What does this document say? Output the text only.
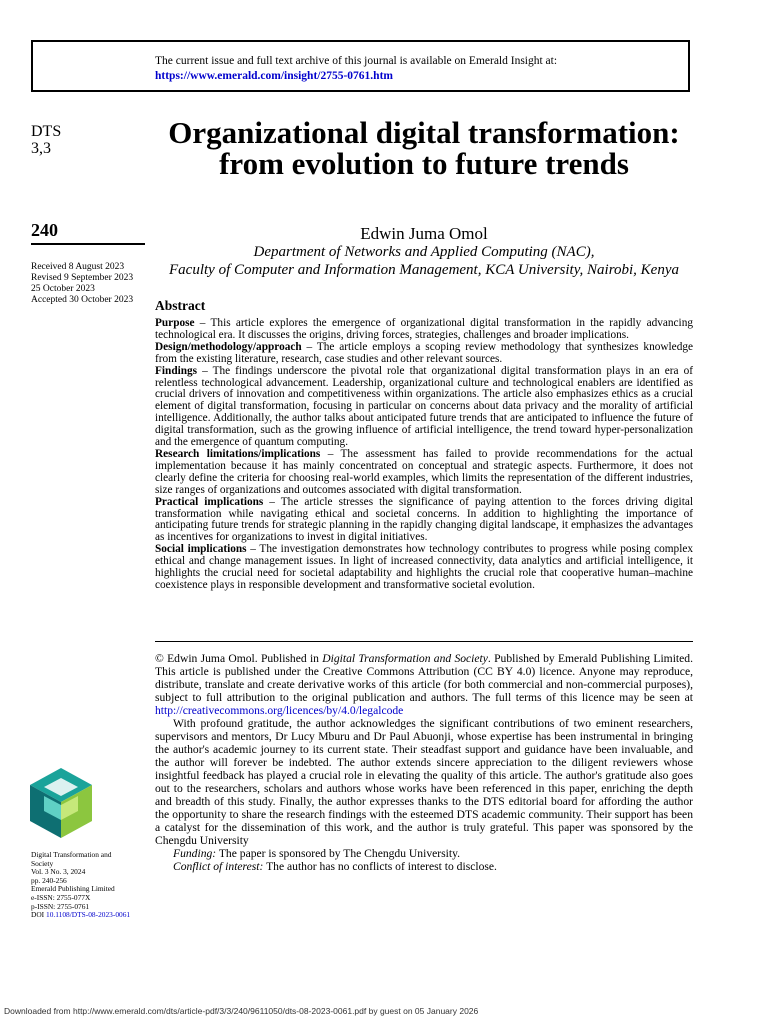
The current issue and full text archive of this journal is available on Emerald Insight at:
https://www.emerald.com/insight/2755-0761.htm
DTS
3,3
240
Received 8 August 2023
Revised 9 September 2023
25 October 2023
Accepted 30 October 2023
Organizational digital transformation: from evolution to future trends
Edwin Juma Omol
Department of Networks and Applied Computing (NAC),
Faculty of Computer and Information Management, KCA University, Nairobi, Kenya
Abstract

Purpose – This article explores the emergence of organizational digital transformation in the rapidly advancing technological era. It discusses the origins, driving forces, strategies, challenges and broader implications.

Design/methodology/approach – The article employs a scoping review methodology that synthesizes knowledge from the existing literature, research, case studies and other relevant sources.

Findings – The findings underscore the pivotal role that organizational digital transformation plays in an era of relentless technological advancement. Leadership, organizational culture and technological enablers are identified as crucial drivers of innovation and competitiveness within organizations. The article also emphasizes ethics as a crucial element of digital transformation, focusing in particular on concerns about data privacy and the morality of artificial intelligence. Additionally, the author talks about anticipated future trends that are anticipated to influence the future of digital transformation, such as the growing influence of artificial intelligence, the trend toward hyper-personalization and the emergence of quantum computing.

Research limitations/implications – The assessment has failed to provide recommendations for the actual implementation because it has mainly concentrated on conceptual and strategic aspects. Furthermore, it does not clearly define the criteria for choosing real-world examples, which limits the representation of the different industries, size ranges of organizations and outcomes associated with digital transformation.

Practical implications – The article stresses the significance of paying attention to the forces driving digital transformation while navigating ethical and societal concerns. In addition to highlighting the importance of anticipating future trends for strategic planning in the rapidly changing digital landscape, it emphasizes the advantages as incentives for organizations to invest in digital initiatives.

Social implications – The investigation demonstrates how technology contributes to progress while posing complex ethical and change management issues. In light of increased connectivity, data analytics and artificial intelligence, it highlights the crucial need for societal adaptability and highlights the crucial role that cooperative human–machine coexistence plays in responsible development and transformative societal evolution.

© Edwin Juma Omol. Published in Digital Transformation and Society. Published by Emerald Publishing Limited. This article is published under the Creative Commons Attribution (CC BY 4.0) licence. Anyone may reproduce, distribute, translate and create derivative works of this article (for both commercial and non-commercial purposes), subject to full attribution to the original publication and authors. The full terms of this licence may be seen at http://creativecommons.org/licences/by/4.0/legalcode

With profound gratitude, the author acknowledges the significant contributions of two eminent researchers, supervisors and mentors, Dr Lucy Mburu and Dr Paul Abuonji, whose expertise has been instrumental in bringing the author's academic journey to its current state. Their steadfast support and guidance have been invaluable, and the author will forever be indebted. The author extends sincere appreciation to the diligent reviewers whose insightful feedback has played a crucial role in elevating the quality of this article. The author's gratitude also goes out to the researchers, scholars and authors whose works have been referenced in this paper, enriching the depth and breadth of this study. Finally, the author expresses thanks to the DTS editorial board for affording the author the opportunity to share the research findings with the esteemed DTS academic community. Their support has been a catalyst for the dissemination of this work, and the author is truly grateful. This paper was sponsored by the Chengdu University

Funding: The paper is sponsored by The Chengdu University.

Conflict of interest: The author has no conflicts of interest to disclose.

Digital Transformation and
Society
Vol. 3 No. 3, 2024
pp. 240-256
Emerald Publishing Limited
e-ISSN: 2755-077X
p-ISSN: 2755-0761
DOI 10.1108/DTS-08-2023-0061
Downloaded from http://www.emerald.com/dts/article-pdf/3/3/240/9611050/dts-08-2023-0061.pdf by guest on 05 January 2026
